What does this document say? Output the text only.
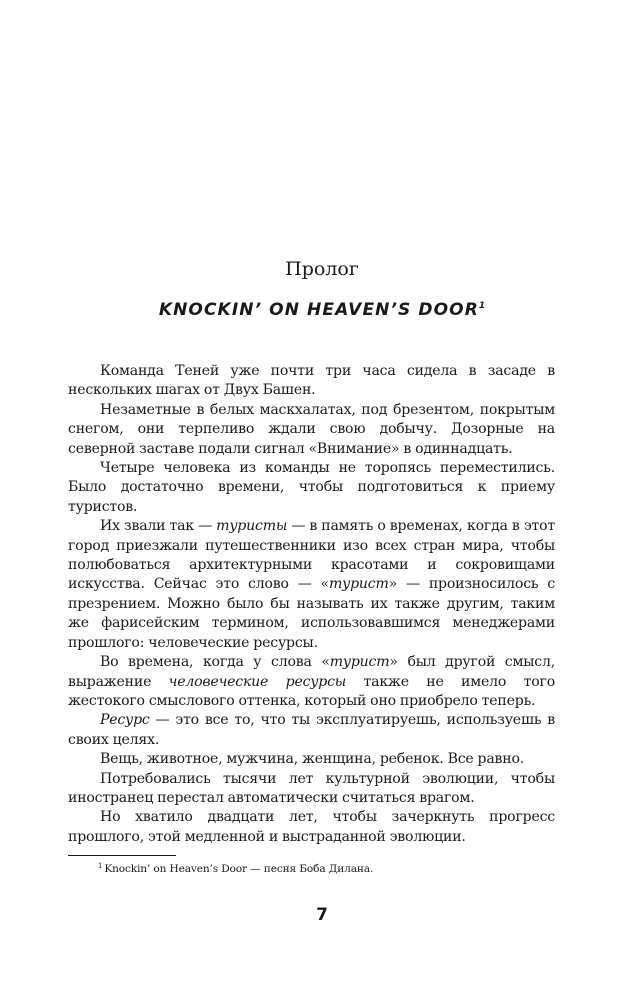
Пролог
KNOCKIN’ ON HEAVEN’S DOOR$^1$

Команда Теней уже почти три часа сидела в засаде в нескольких шагах от Двух Башен.

Незаметные в белых маскхалатах, под брезентом, покрытым снегом, они терпеливо ждали свою добычу. Дозорные на северной заставе подали сигнал «Внимание» в одиннадцать.

Четыре человека из команды не торопясь переместились. Было достаточно времени, чтобы подготовиться к приему туристов.

Их звали так — туристы — в память о временах, когда в этот город приезжали путешественники изо всех стран мира, чтобы полюбоваться архитектурными красотами и сокровищами искусства. Сейчас это слово — «турист» — произносилось с презрением. Можно было бы называть их также другим, таким же фарисейским термином, использовавшимся менеджерами прошлого: человеческие ресурсы.

Во времена, когда у слова «турист» был другой смысл, выражение человеческие ресурсы также не имело того жестокого смыслового оттенка, который оно приобрело теперь.

Ресурс — это все то, что ты эксплуатируешь, используешь в своих целях.

Вещь, животное, мужчина, женщина, ребенок. Все равно.

Потребовались тысячи лет культурной эволюции, чтобы иностранец перестал автоматически считаться врагом.

Но хватило двадцати лет, чтобы зачеркнуть прогресс прошлого, этой медленной и выстраданной эволюции.

$^1$ Knockin’ on Heaven’s Door — песня Боба Дилана.
7
